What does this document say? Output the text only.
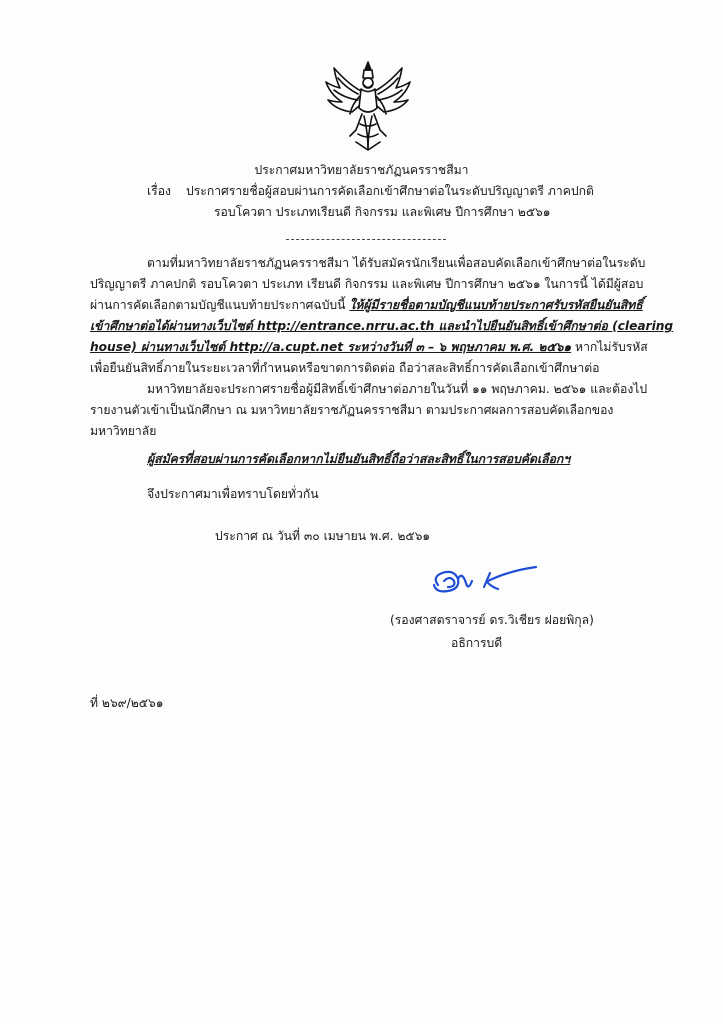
ประกาศมหาวิทยาลัยราชภัฏนครราชสีมา
เรื่อง ประกาศรายชื่อผู้สอบผ่านการคัดเลือกเข้าศึกษาต่อในระดับปริญญาตรี ภาคปกติ
รอบโควตา ประเภทเรียนดี กิจกรรม และพิเศษ ปีการศึกษา ๒๕๖๑
ตามที่มหาวิทยาลัยราชภัฏนครราชสีมา ได้รับสมัครนักเรียนเพื่อสอบคัดเลือกเข้าศึกษาต่อในระดับ
ปริญญาตรี ภาคปกติ รอบโควตา ประเภท เรียนดี กิจกรรม และพิเศษ ปีการศึกษา ๒๕๖๑ ในการนี้ ได้มีผู้สอบ
ผ่านการคัดเลือกตามบัญชีแนบท้ายประกาศฉบับนี้ ให้ผู้มีรายชื่อตามบัญชีแนบท้ายประกาศรับรหัสยืนยันสิทธิ์
เข้าศึกษาต่อได้ผ่านทางเว็บไซต์ http://entrance.nrru.ac.th และนำไปยืนยันสิทธิ์เข้าศึกษาต่อ (clearing
house) ผ่านทางเว็บไซต์ http://a.cupt.net ระหว่างวันที่ ๓ – ๖ พฤษภาคม พ.ศ. ๒๕๖๑ หากไม่รับรหัส
เพื่อยืนยันสิทธิ์ภายในระยะเวลาที่กำหนดหรือขาดการติดต่อ ถือว่าสละสิทธิ์การคัดเลือกเข้าศึกษาต่อ
มหาวิทยาลัยจะประกาศรายชื่อผู้มีสิทธิ์เข้าศึกษาต่อภายในวันที่ ๑๑ พฤษภาคม. ๒๕๖๑ และต้องไป
รายงานตัวเข้าเป็นนักศึกษา ณ มหาวิทยาลัยราชภัฏนครราชสีมา ตามประกาศผลการสอบคัดเลือกของ
มหาวิทยาลัย
ผู้สมัครที่สอบผ่านการคัดเลือกหากไม่ยืนยันสิทธิ์ถือว่าสละสิทธิ์ในการสอบคัดเลือกฯ
จึงประกาศมาเพื่อทราบโดยทั่วกัน
ประกาศ ณ วันที่ ๓๐ เมษายน พ.ศ. ๒๕๖๑
(รองศาสตราจารย์ ดร.วิเชียร ฝอยพิกุล)
อธิการบดี
ที่ ๒๖๙/๒๕๖๑
